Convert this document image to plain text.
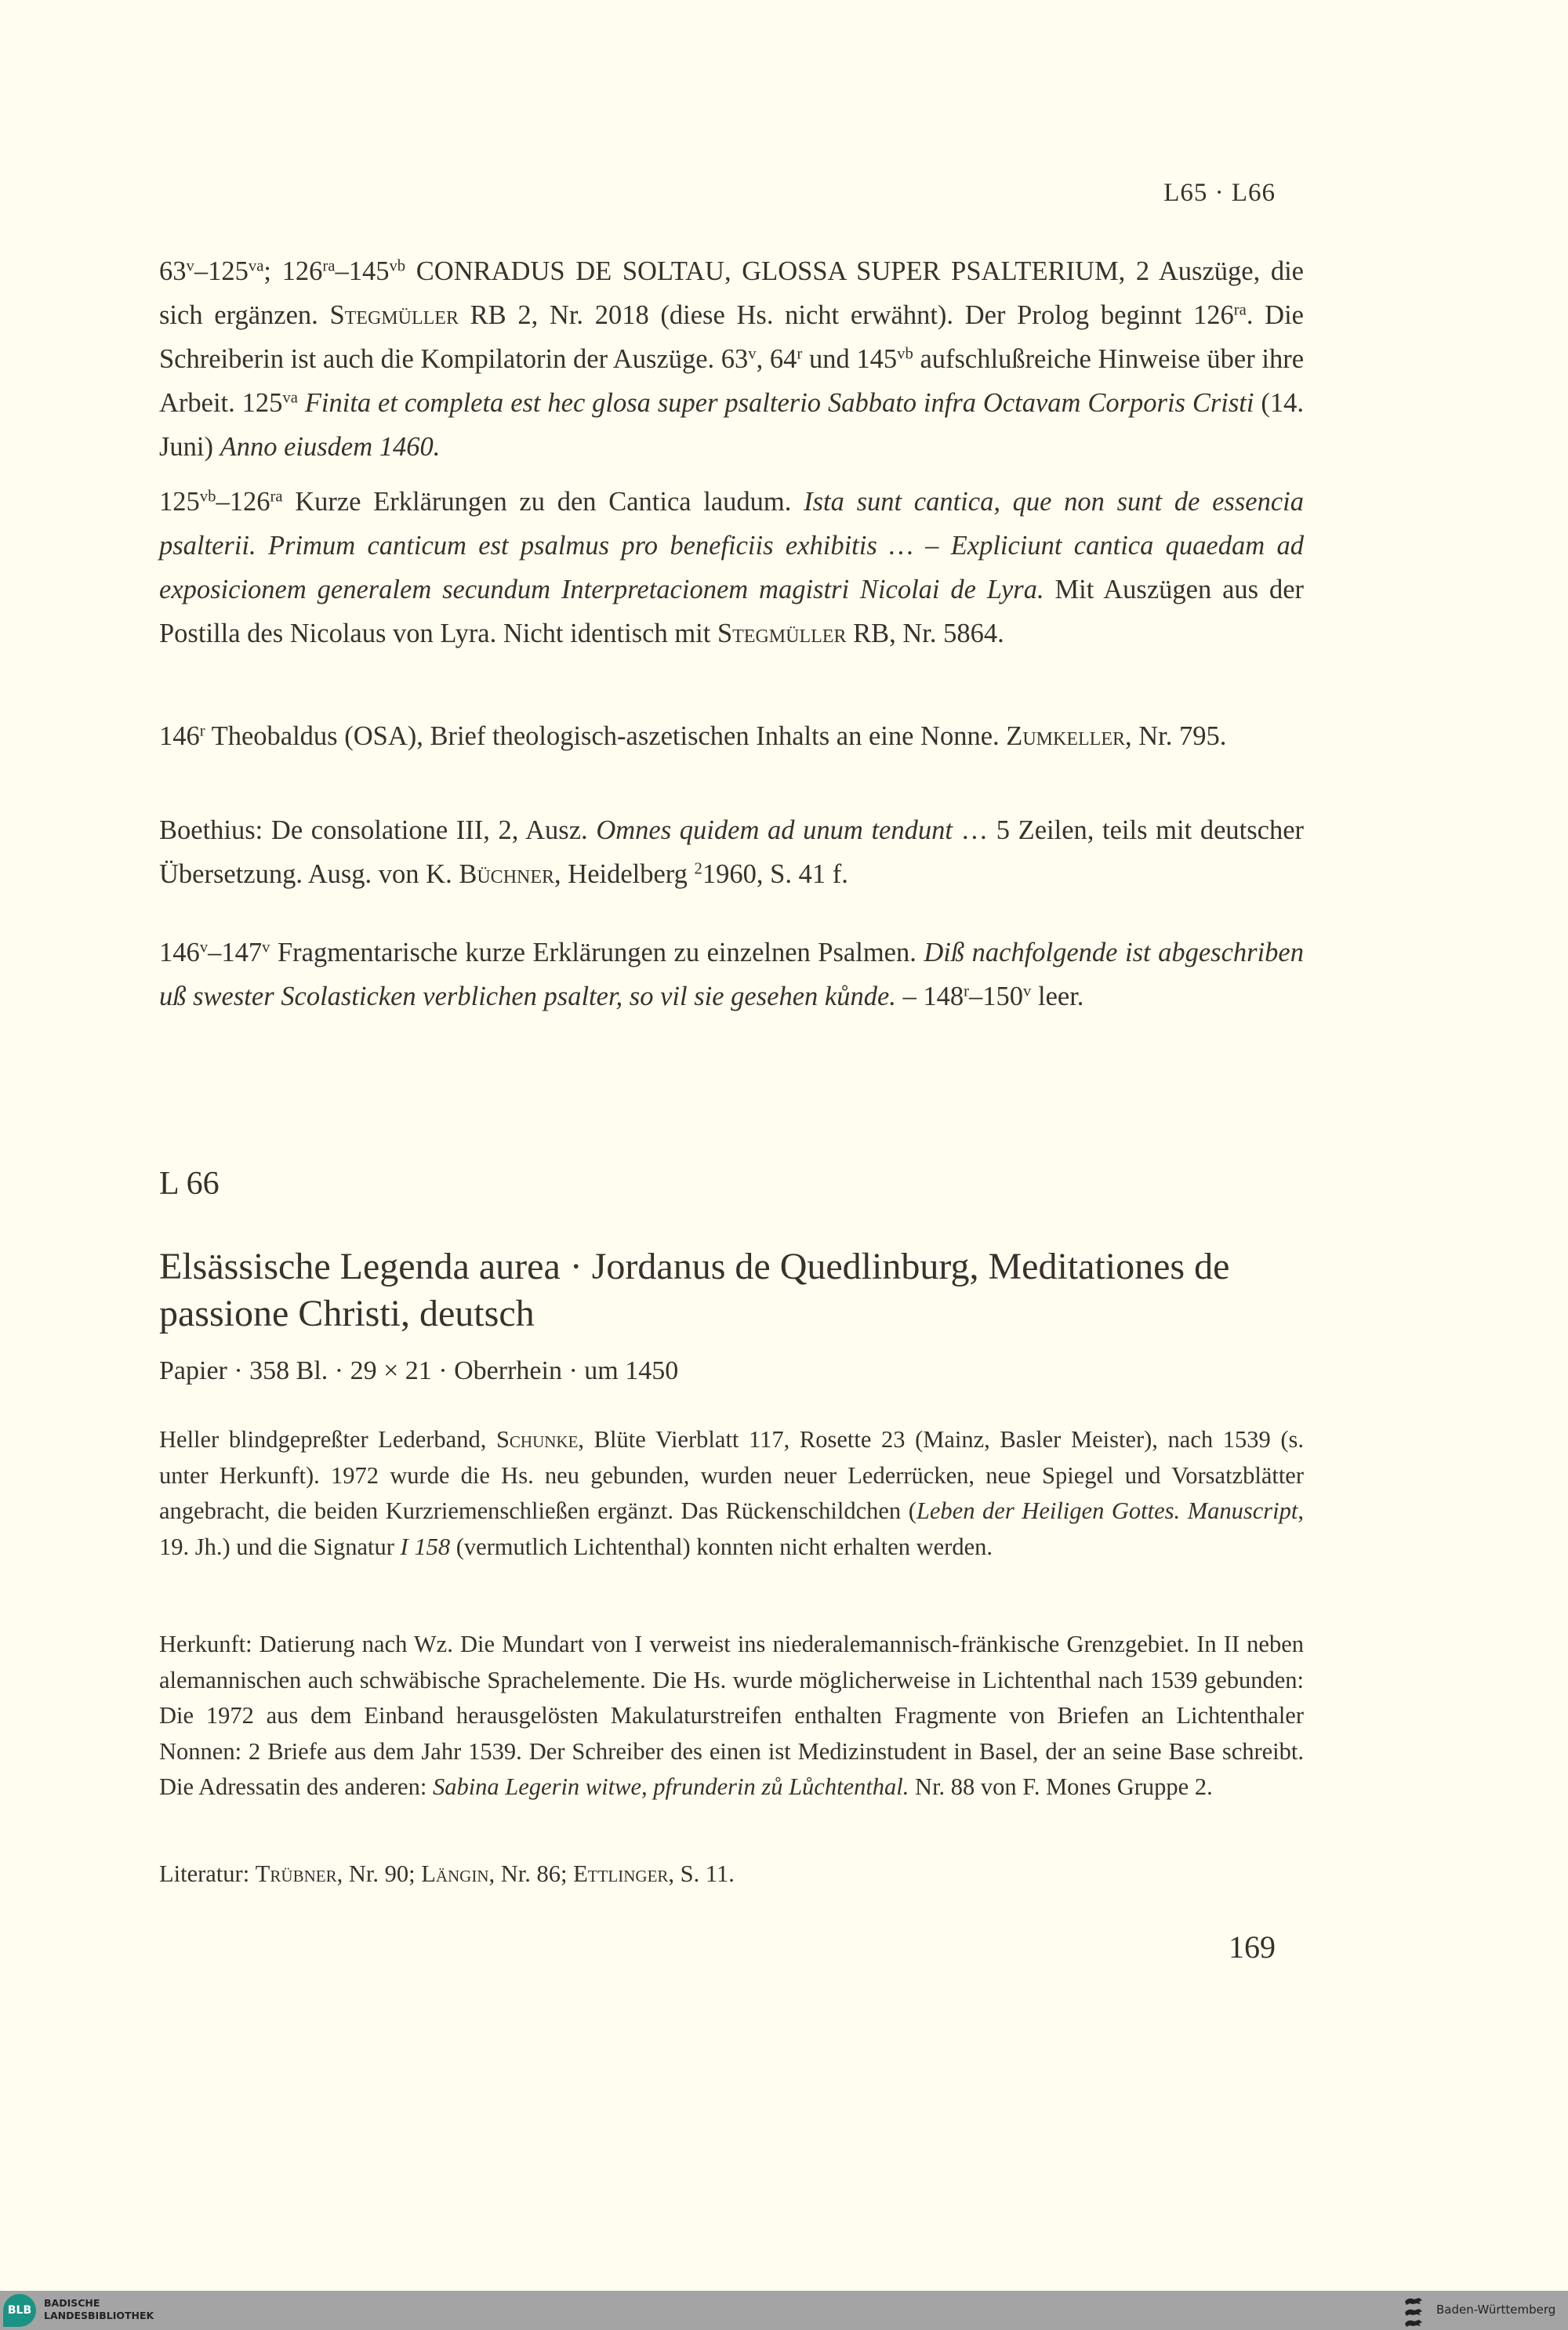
L65 · L66

$63^v-125^{va}$; $126^{ra}-145^{vb}$ CONRADUS DE SOLTAU, GLOSSA SUPER PSALTERIUM, 2 Auszüge, die sich ergänzen. Stegmüller RB 2, Nr. 2018 (diese Hs. nicht erwähnt). Der Prolog beginnt $126^{ra}$. Die Schreiberin ist auch die Kompilatorin der Auszüge. 63$^v$, 64$^r$ und $145^{vb}$ aufschlußreiche Hinweise über ihre Arbeit. $125^{va}$ Finita et completa est hec glosa super psalterio Sabbato infra Octavam Corporis Cristi (14. Juni) Anno eiusdem 1460.

$125^{vb}-126^{ra}$ Kurze Erklärungen zu den Cantica laudum. Ista sunt cantica, que non sunt de essencia psalterii. Primum canticum est psalmus pro beneficiis exhibitis … – Expliciunt cantica quaedam ad exposicionem generalem secundum Interpretacionem magistri Nicolai de Lyra. Mit Auszügen aus der Postilla des Nicolaus von Lyra. Nicht identisch mit Stegmüller RB, Nr. 5864.

146$^r$ Theobaldus (OSA), Brief theologisch-aszetischen Inhalts an eine Nonne. Zumkeller, Nr. 795.

Boethius: De consolatione III, 2, Ausz. Omnes quidem ad unum tendunt … 5 Zeilen, teils mit deutscher Übersetzung. Ausg. von K. Büchner, Heidelberg $^2$1960, S. 41 f.

146$^v$–147$^v$ Fragmentarische kurze Erklärungen zu einzelnen Psalmen. Diß nachfolgende ist abgeschriben uß swester Scolasticken verblichen psalter, so vil sie gesehen kůnde. – 148$^r$–150$^v$ leer.

L 66
Elsässische Legenda aurea · Jordanus de Quedlinburg, Meditationes de passione Christi, deutsch
Papier · 358 Bl. · 29 × 21 · Oberrhein · um 1450
Heller blindgepreßter Lederband, Schunke, Blüte Vierblatt 117, Rosette 23 (Mainz, Basler Meister), nach 1539 (s. unter Herkunft). 1972 wurde die Hs. neu gebunden, wurden neuer Lederrücken, neue Spiegel und Vorsatzblätter angebracht, die beiden Kurzriemenschließen ergänzt. Das Rückenschildchen (Leben der Heiligen Gottes. Manuscript, 19. Jh.) und die Signatur I 158 (vermutlich Lichtenthal) konnten nicht erhalten werden.
Herkunft: Datierung nach Wz. Die Mundart von I verweist ins niederalemannisch-fränkische Grenzgebiet. In II neben alemannischen auch schwäbische Sprachelemente. Die Hs. wurde möglicherweise in Lichtenthal nach 1539 gebunden: Die 1972 aus dem Einband herausgelösten Makulaturstreifen enthalten Fragmente von Briefen an Lichtenthaler Nonnen: 2 Briefe aus dem Jahr 1539. Der Schreiber des einen ist Medizinstudent in Basel, der an seine Base schreibt. Die Adressatin des anderen: Sabina Legerin witwe, pfrunderin zů Lůchtenthal. Nr. 88 von F. Mones Gruppe 2.
Literatur: Trübner, Nr. 90; Längin, Nr. 86; Ettlinger, S. 11.
169
BLB
BADISCHE
LANDESBIBLIOTHEK	Baden-Württemberg
